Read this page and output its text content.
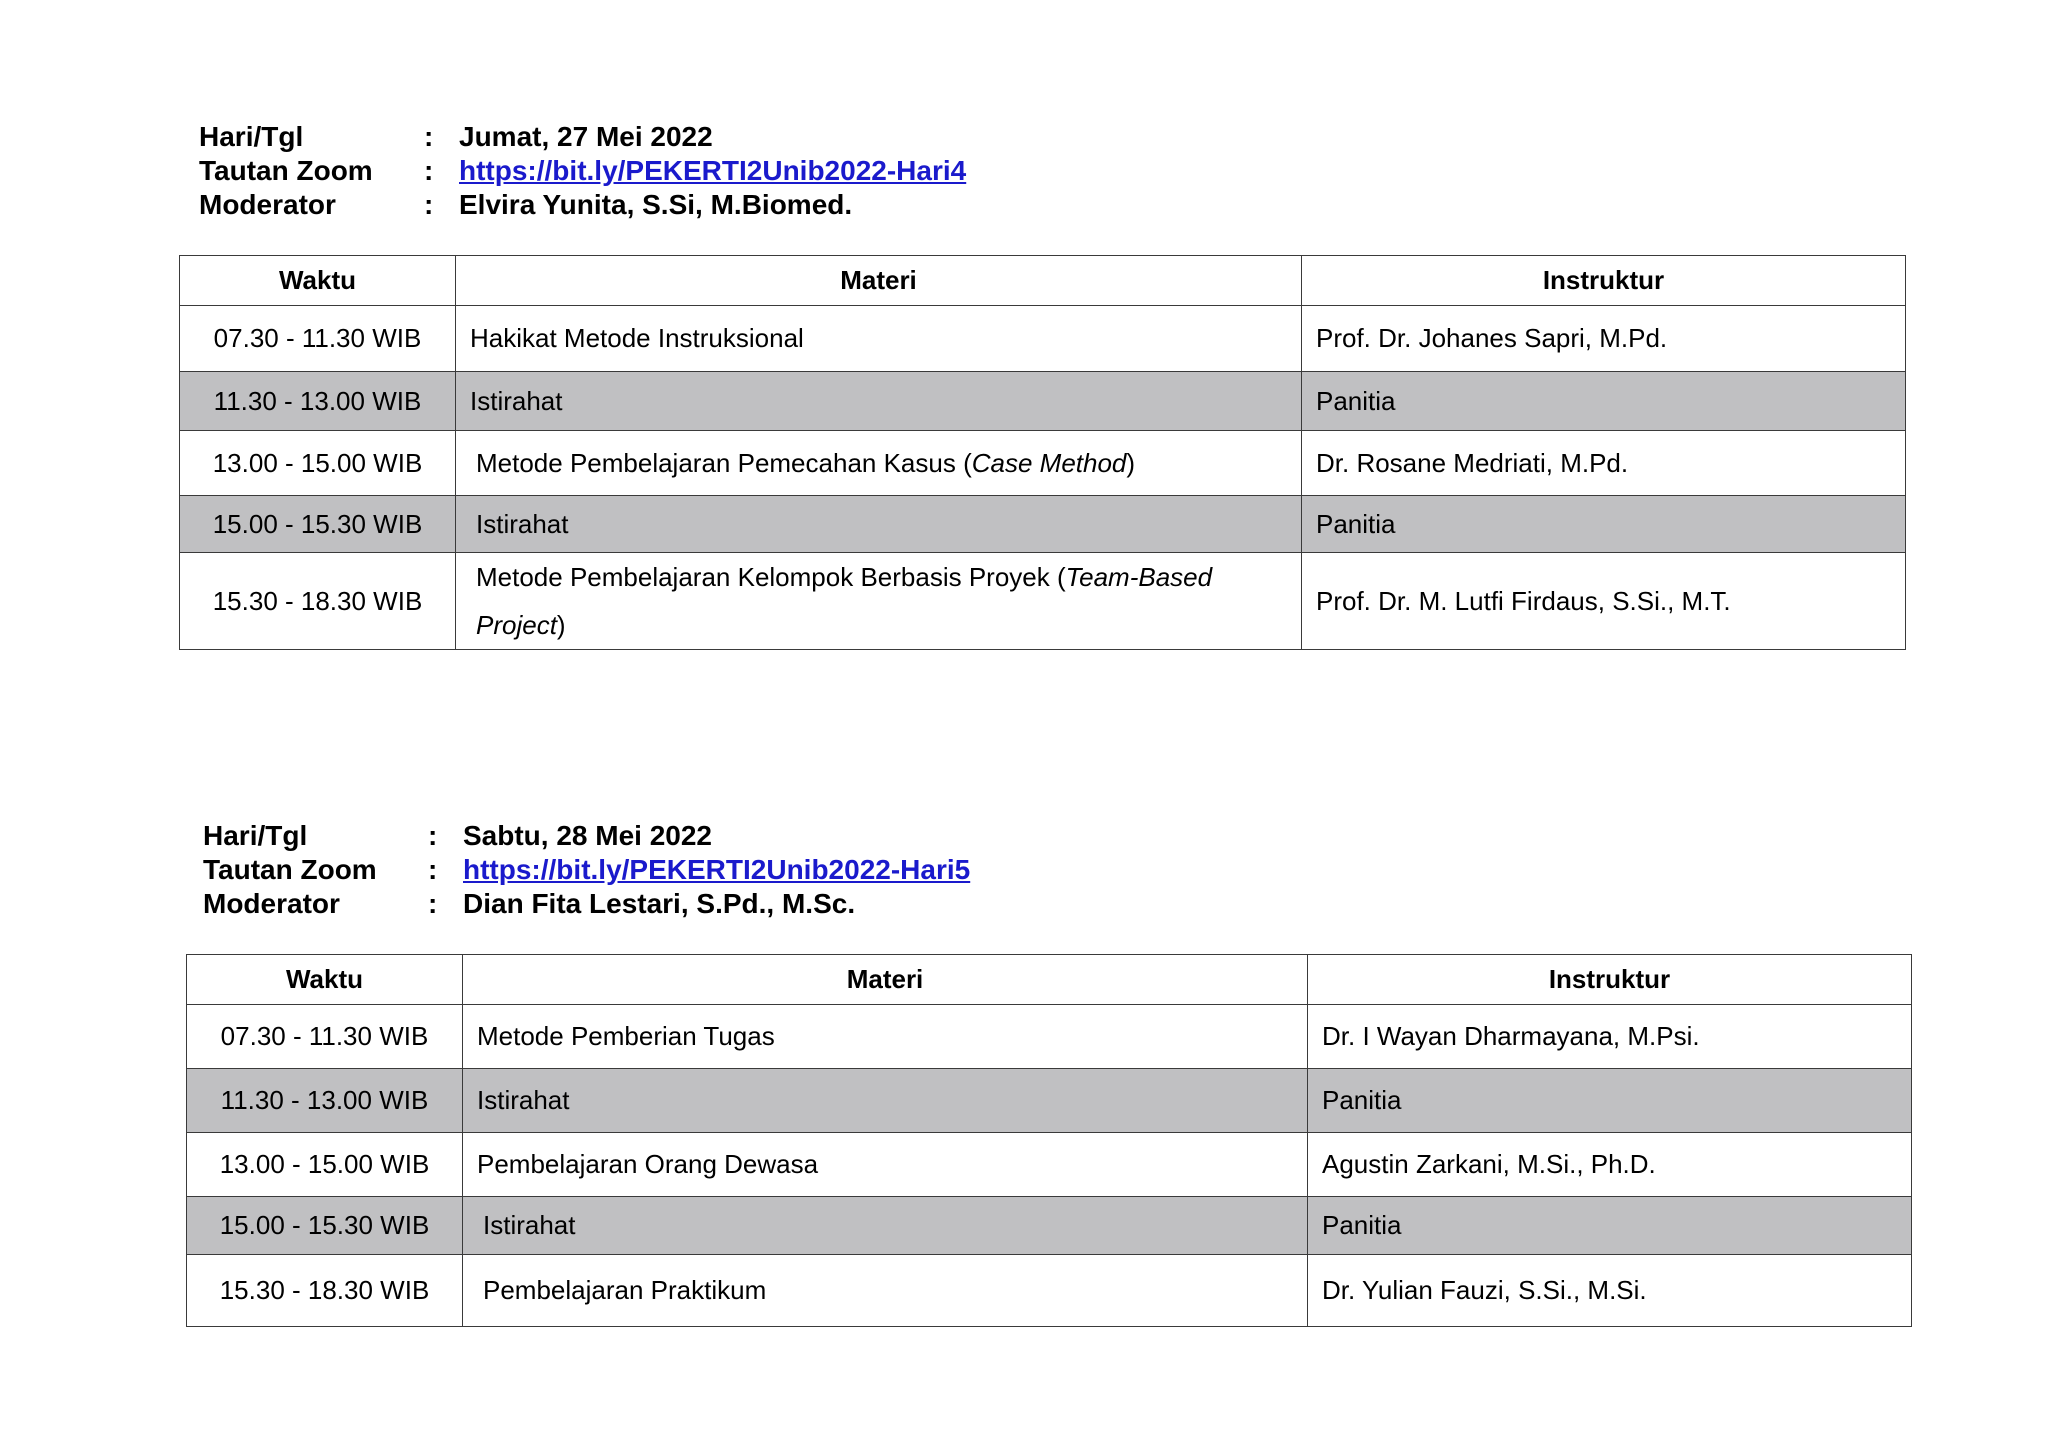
Hari/Tgl	: Jumat, 27 Mei 2022
Tautan Zoom	: https://bit.ly/PEKERTI2Unib2022-Hari4
Moderator	: Elvira Yunita, S.Si, M.Biomed.
Waktu	Materi	Instruktur
07.30 - 11.30 WIB	Hakikat Metode Instruksional	Prof. Dr. Johanes Sapri, M.Pd.
11.30 - 13.00 WIB	Istirahat	Panitia
13.00 - 15.00 WIB	Metode Pembelajaran Pemecahan Kasus (Case Method)	Dr. Rosane Medriati, M.Pd.
15.00 - 15.30 WIB	Istirahat	Panitia
15.30 - 18.30 WIB	Metode Pembelajaran Kelompok Berbasis Proyek (Team-Based Project)	Prof. Dr. M. Lutfi Firdaus, S.Si., M.T.
Hari/Tgl	: Sabtu, 28 Mei 2022
Tautan Zoom	: https://bit.ly/PEKERTI2Unib2022-Hari5
Moderator	: Dian Fita Lestari, S.Pd., M.Sc.
Waktu	Materi	Instruktur
07.30 - 11.30 WIB	Metode Pemberian Tugas	Dr. I Wayan Dharmayana, M.Psi.
11.30 - 13.00 WIB	Istirahat	Panitia
13.00 - 15.00 WIB	Pembelajaran Orang Dewasa	Agustin Zarkani, M.Si., Ph.D.
15.00 - 15.30 WIB	Istirahat	Panitia
15.30 - 18.30 WIB	Pembelajaran Praktikum	Dr. Yulian Fauzi, S.Si., M.Si.
